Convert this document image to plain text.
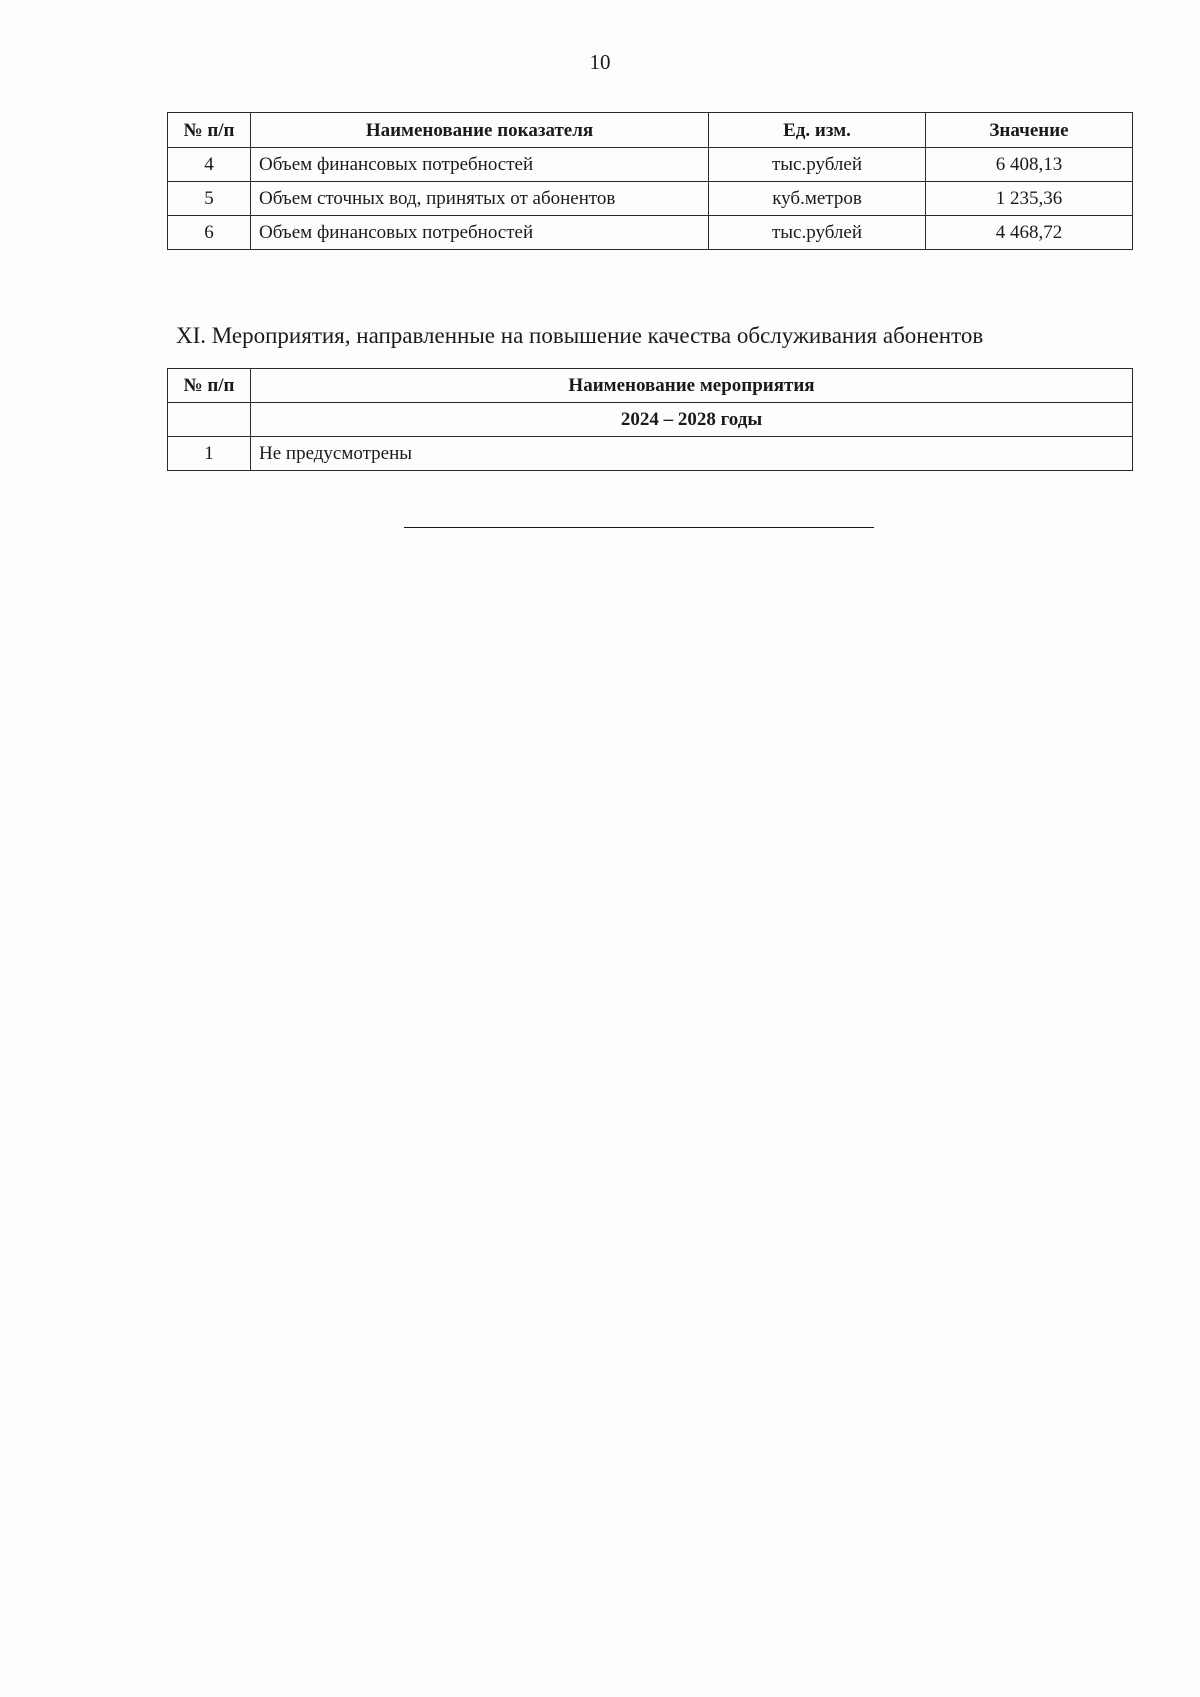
10
№ п/п	Наименование показателя	Ед. изм.	Значение
4	Объем финансовых потребностей	тыс.рублей	6 408,13
5	Объем сточных вод, принятых от абонентов	куб.метров	1 235,36
6	Объем финансовых потребностей	тыс.рублей	4 468,72
XI. Мероприятия, направленные на повышение качества обслуживания абонентов
№ п/п	Наименование мероприятия
	2024 – 2028 годы
1	Не предусмотрены
